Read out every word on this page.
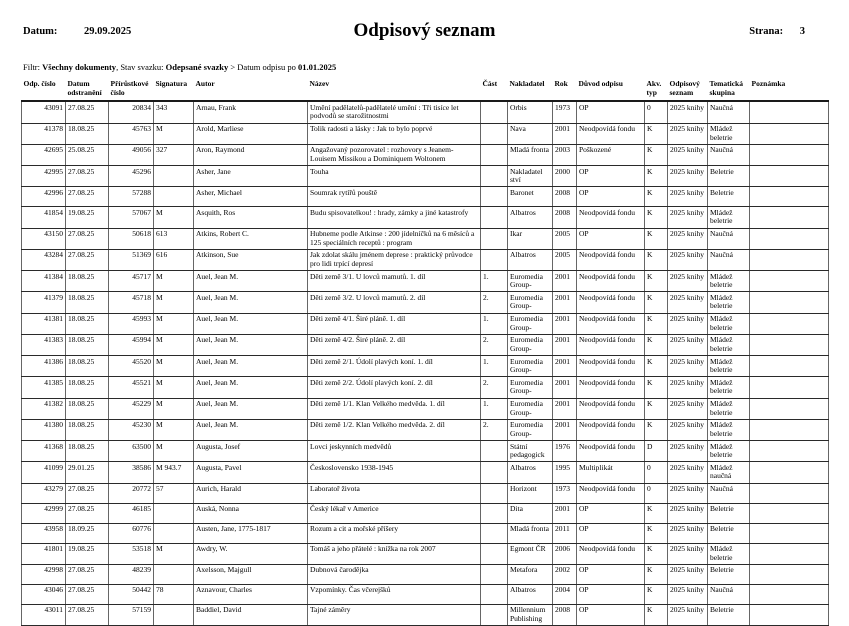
Datum:	29.09.2025	Odpisový seznam	Strana: 3
Filtr: Všechny dokumenty, Stav svazku: Odepsané svazky > Datum odpisu po 01.01.2025
Odp. číslo	Datum odstranění	Přírůstkové číslo	Signatura	Autor	Název	Část	Nakladatel	Rok	Důvod odpisu	Akv. typ	Odpisový seznam	Tematická skupina	Poznámka
43091	27.08.25	20834	343	Arnau, Frank	Umění padělatelů-padělatelé umění : Tři tisíce let podvodů se starožitnostmi		Orbis	1973	OP	0	2025 knihy	Naučná	
41378	18.08.25	45763	M	Arold, Marliese	Tolik radosti a lásky : Jak to bylo poprvé		Nava	2001	Neodpovídá fondu	K	2025 knihy	Mládež beletrie	
42695	25.08.25	49056	327	Aron, Raymond	Angažovaný pozorovatel : rozhovory s Jeanem-Louisem Missikou a Dominiquem Woltonem		Mladá fronta	2003	Poškozené	K	2025 knihy	Naučná	
42995	27.08.25	45296		Asher, Jane	Touha		Nakladatel ství	2000	OP	K	2025 knihy	Beletrie	
42996	27.08.25	57288		Asher, Michael	Soumrak rytířů pouště		Baronet	2008	OP	K	2025 knihy	Beletrie	
41854	19.08.25	57067	M	Asquith, Ros	Budu spisovatelkou! : hrady, zámky a jiné katastrofy		Albatros	2008	Neodpovídá fondu	K	2025 knihy	Mládež beletrie	
43150	27.08.25	50618	613	Atkins, Robert C.	Hubneme podle Atkinse : 200 jídelníčků na 6 měsíců a 125 speciálních receptů : program		Ikar	2005	OP	K	2025 knihy	Naučná	
43284	27.08.25	51369	616	Atkinson, Sue	Jak zdolat skálu jménem deprese : praktický průvodce pro lidi trpící depresí		Albatros	2005	Neodpovídá fondu	K	2025 knihy	Naučná	
41384	18.08.25	45717	M	Auel, Jean M.	Děti země 3/1. U lovců mamutů. 1. díl	1.	Euromedia Group-	2001	Neodpovídá fondu	K	2025 knihy	Mládež beletrie	
41379	18.08.25	45718	M	Auel, Jean M.	Děti země 3/2. U lovců mamutů. 2. díl	2.	Euromedia Group-	2001	Neodpovídá fondu	K	2025 knihy	Mládež beletrie	
41381	18.08.25	45993	M	Auel, Jean M.	Děti země 4/1. Širé pláně. 1. díl	1.	Euromedia Group-	2001	Neodpovídá fondu	K	2025 knihy	Mládež beletrie	
41383	18.08.25	45994	M	Auel, Jean M.	Děti země 4/2. Širé pláně. 2. díl	2.	Euromedia Group-	2001	Neodpovídá fondu	K	2025 knihy	Mládež beletrie	
41386	18.08.25	45520	M	Auel, Jean M.	Děti země 2/1. Údolí plavých koní. 1. díl	1.	Euromedia Group-	2001	Neodpovídá fondu	K	2025 knihy	Mládež beletrie	
41385	18.08.25	45521	M	Auel, Jean M.	Děti země 2/2. Údolí plavých koní. 2. díl	2.	Euromedia Group-	2001	Neodpovídá fondu	K	2025 knihy	Mládež beletrie	
41382	18.08.25	45229	M	Auel, Jean M.	Děti země 1/1. Klan Velkého medvěda. 1. díl	1.	Euromedia Group-	2001	Neodpovídá fondu	K	2025 knihy	Mládež beletrie	
41380	18.08.25	45230	M	Auel, Jean M.	Děti země 1/2. Klan Velkého medvěda. 2. díl	2.	Euromedia Group-	2001	Neodpovídá fondu	K	2025 knihy	Mládež beletrie	
41368	18.08.25	63500	M	Augusta, Josef	Lovci jeskynních medvědů		Státní pedagogick	1976	Neodpovídá fondu	D	2025 knihy	Mládež beletrie	
41099	29.01.25	38586	M 943.7	Augusta, Pavel	Československo 1938-1945		Albatros	1995	Multiplikát	0	2025 knihy	Mládež naučná	
43279	27.08.25	20772	57	Aurich, Harald	Laboratoř života		Horizont	1973	Neodpovídá fondu	0	2025 knihy	Naučná	
42999	27.08.25	46185		Auská, Nonna	Český lékař v Americe		Dita	2001	OP	K	2025 knihy	Beletrie	
43958	18.09.25	60776		Austen, Jane, 1775-1817	Rozum a cit a mořské příšery		Mladá fronta	2011	OP	K	2025 knihy	Beletrie	
41801	19.08.25	53518	M	Awdry, W.	Tomáš a jeho přátelé : knížka na rok 2007		Egmont ČR	2006	Neodpovídá fondu	K	2025 knihy	Mládež beletrie	
42998	27.08.25	48239		Axelsson, Majgull	Dubnová čarodějka		Metafora	2002	OP	K	2025 knihy	Beletrie	
43046	27.08.25	50442	78	Aznavour, Charles	Vzpomínky. Čas včerejšků		Albatros	2004	OP	K	2025 knihy	Naučná	
43011	27.08.25	57159		Baddiel, David	Tajné záměry		Millennium Publishing	2008	OP	K	2025 knihy	Beletrie	
